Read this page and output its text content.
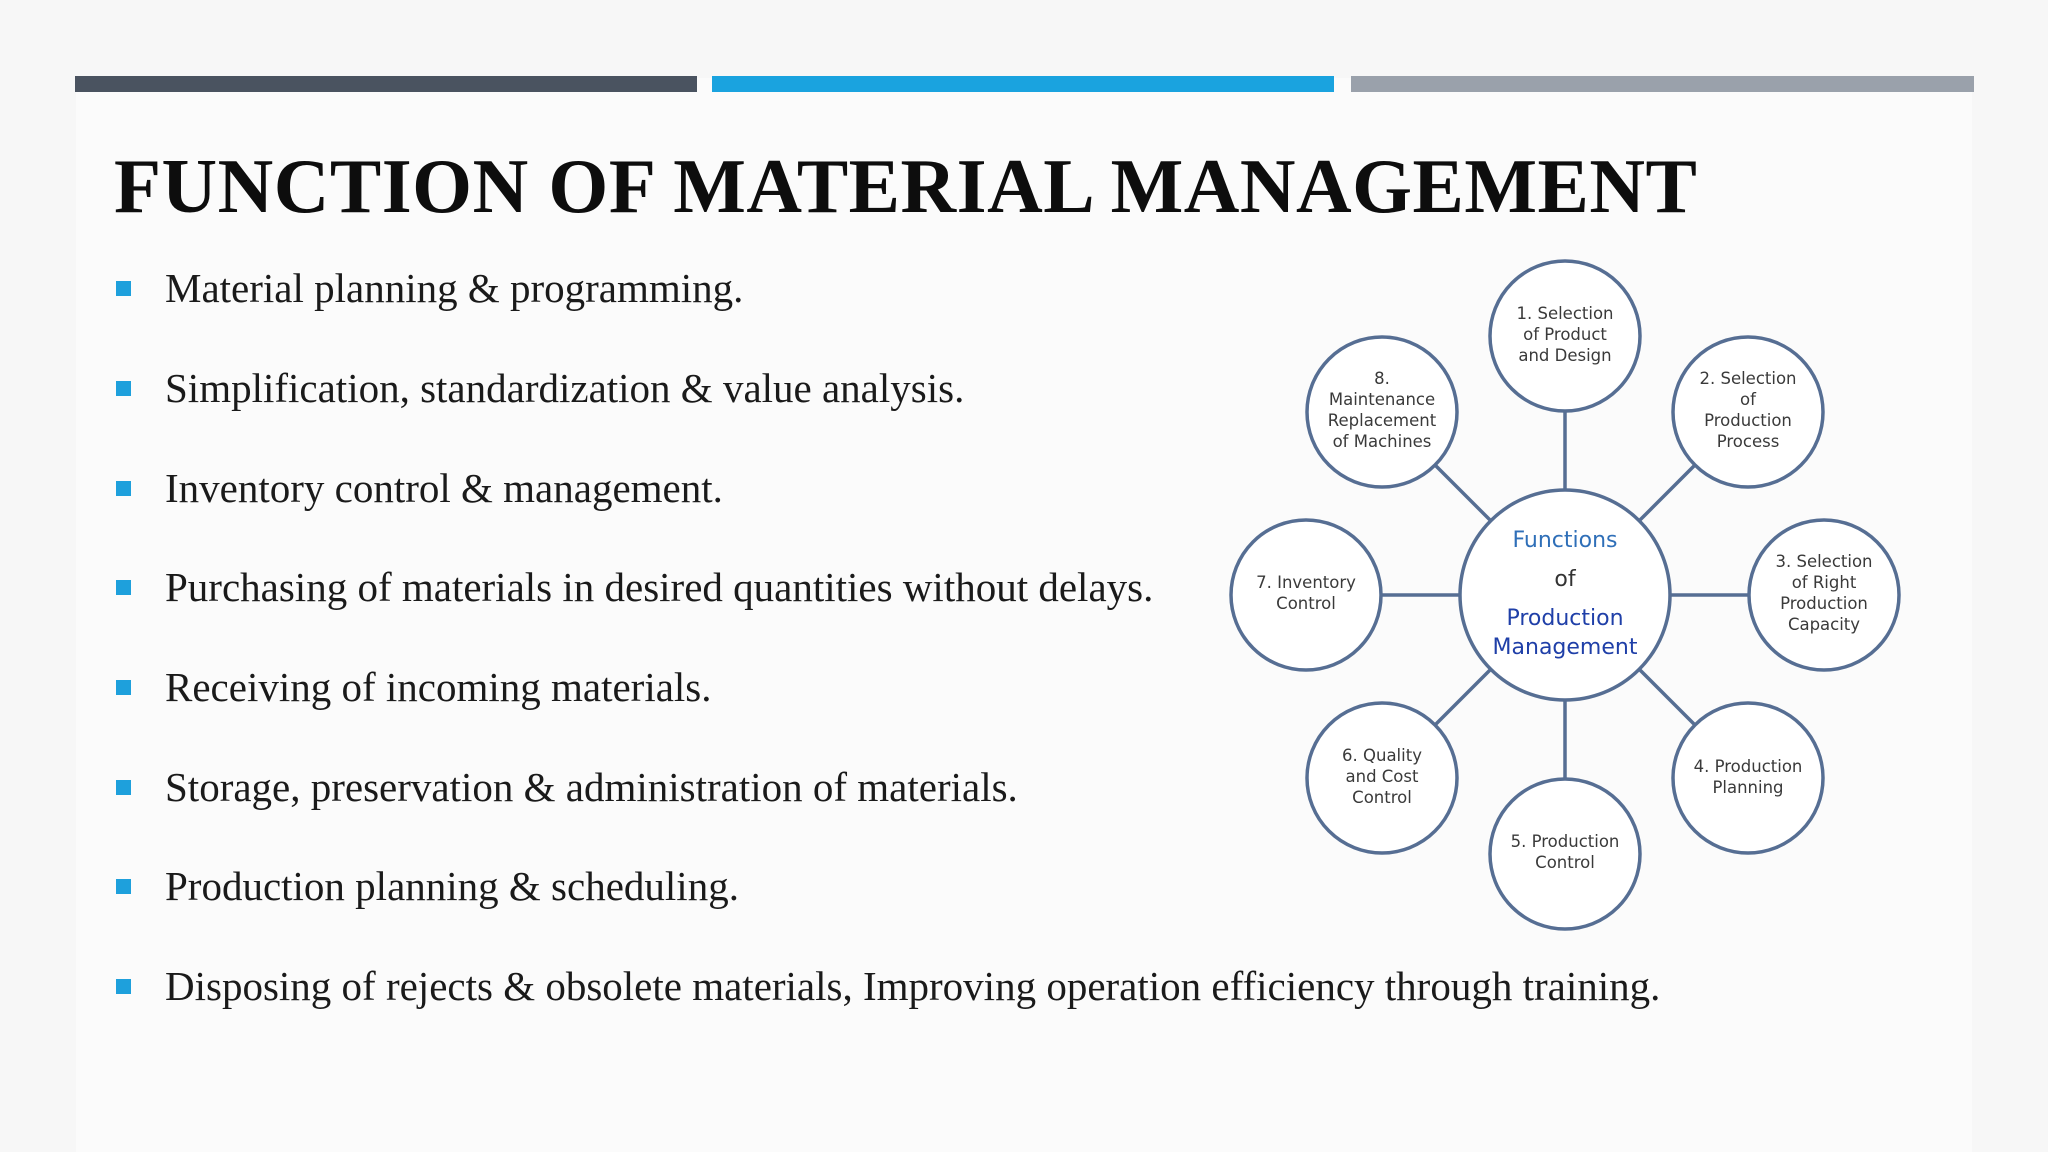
FUNCTION OF MATERIAL MANAGEMENT
Material planning & programming.
Simplification, standardization & value analysis.
Inventory control & management.
Purchasing of materials in desired quantities without delays.
Receiving of incoming materials.
Storage, preservation & administration of materials.
Production planning & scheduling.
Disposing of rejects & obsolete materials, Improving operation efficiency through training.
Functions
of
Production
Management
1. Selection
of Product
and Design
2. Selection
of
Production
Process
3. Selection
of Right
Production
Capacity
4. Production
Planning
5. Production
Control
6. Quality
and Cost
Control
7. Inventory
Control
8.
Maintenance
Replacement
of Machines
